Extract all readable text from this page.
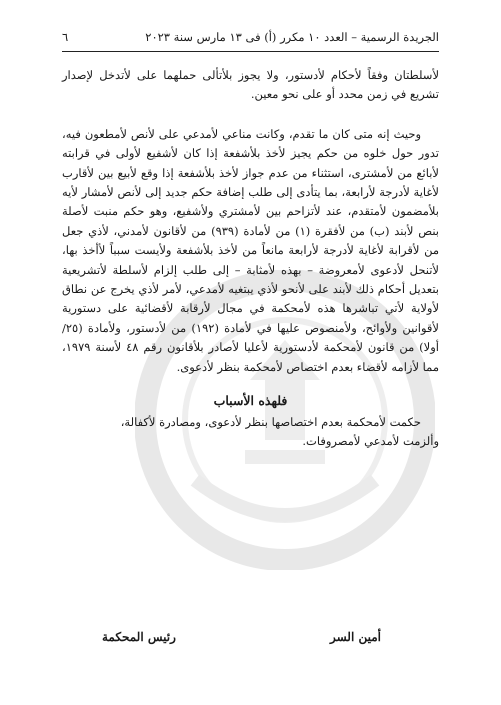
الجريدة الرسمية – العدد ١٠ مكرر (أ) فى ١٣ مارس سنة ٢٠٢٣
٦

لأسلطتان وفقاً لأحكام لأدستور، ولا يجوز بلأتألى حملهما على لأتدخل لإصدار تشريع في زمن محدد أو على نحو معين.

وحيث إنه متى كان ما تقدم، وكانت مناعي لأمدعي على لأنص لأمطعون فيه، تدور حول خلوه من حكم يجيز لأخذ بلأشفعة إذا كان لأشفيع لأولى في قرابته لأبائع من لأمشترى، استثناء من عدم جواز لأخذ بلأشفعة إذا وقع لأبيع بين لأقارب لأغاية لأدرجة لأرابعة، بما يتأدى إلى طلب إضافة حكم جديد إلى لأنص لأمشار لأيه بلأمضمون لأمتقدم، عند لأتزاحم بين لأمشتري ولأشفيع، وهو حكم منبت لأصلة بنص لأبند (ب) من لأفقرة (١) من لأمادة (٩٣٩) من لأقانون لأمدني، لأذي جعل من لأقرابة لأغاية لأدرجة لأرابعة مانعاً من لأخذ بلأشفعة ولأيست سبباً لأأخذ بها، لأتنحل لأدعوى لأمعروضة – بهذه لأمثابة – إلى طلب إلزام لأسلطة لأتشريعية بتعديل أحكام ذلك لأبند على لأنحو لأذي يبتغيه لأمدعي، لأمر لأذي يخرج عن نطاق لأولاية لأتي تباشرها هذه لأمحكمة في مجال لأرقابة لأقضائية على دستورية لأقوانين ولأوائح، ولأمنصوص عليها في لأمادة (١٩٢) من لأدستور، ولأمادة (٢٥/أولا) من قانون لأمحكمة لأدستورية لأعليا لأصادر بلأقانون رقم ٤٨ لأسنة ١٩٧٩، مما لأزامه لأقضاء بعدم اختصاص لأمحكمة بنظر لأدعوى.

فلهذه الأسباب

حكمت لأمحكمة بعدم اختصاصها بنظر لأدعوى، ومصادرة لأكفالة،

وألزمت لأمدعي لأمصروفات.

أمين السر
رئيس المحكمة
